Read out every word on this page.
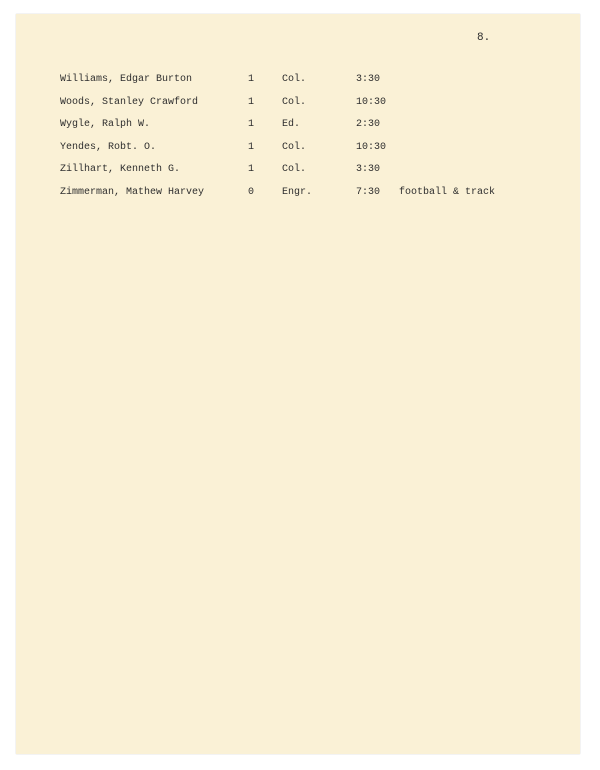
8.
Williams, Edgar Burton	1	Col.	3:30
Woods, Stanley Crawford	1	Col.	10:30
Wygle, Ralph W.	1	Ed.	2:30
Yendes, Robt. O.	1	Col.	10:30
Zillhart, Kenneth G.	1	Col.	3:30
Zimmerman, Mathew Harvey	0	Engr.	7:30 football & track
